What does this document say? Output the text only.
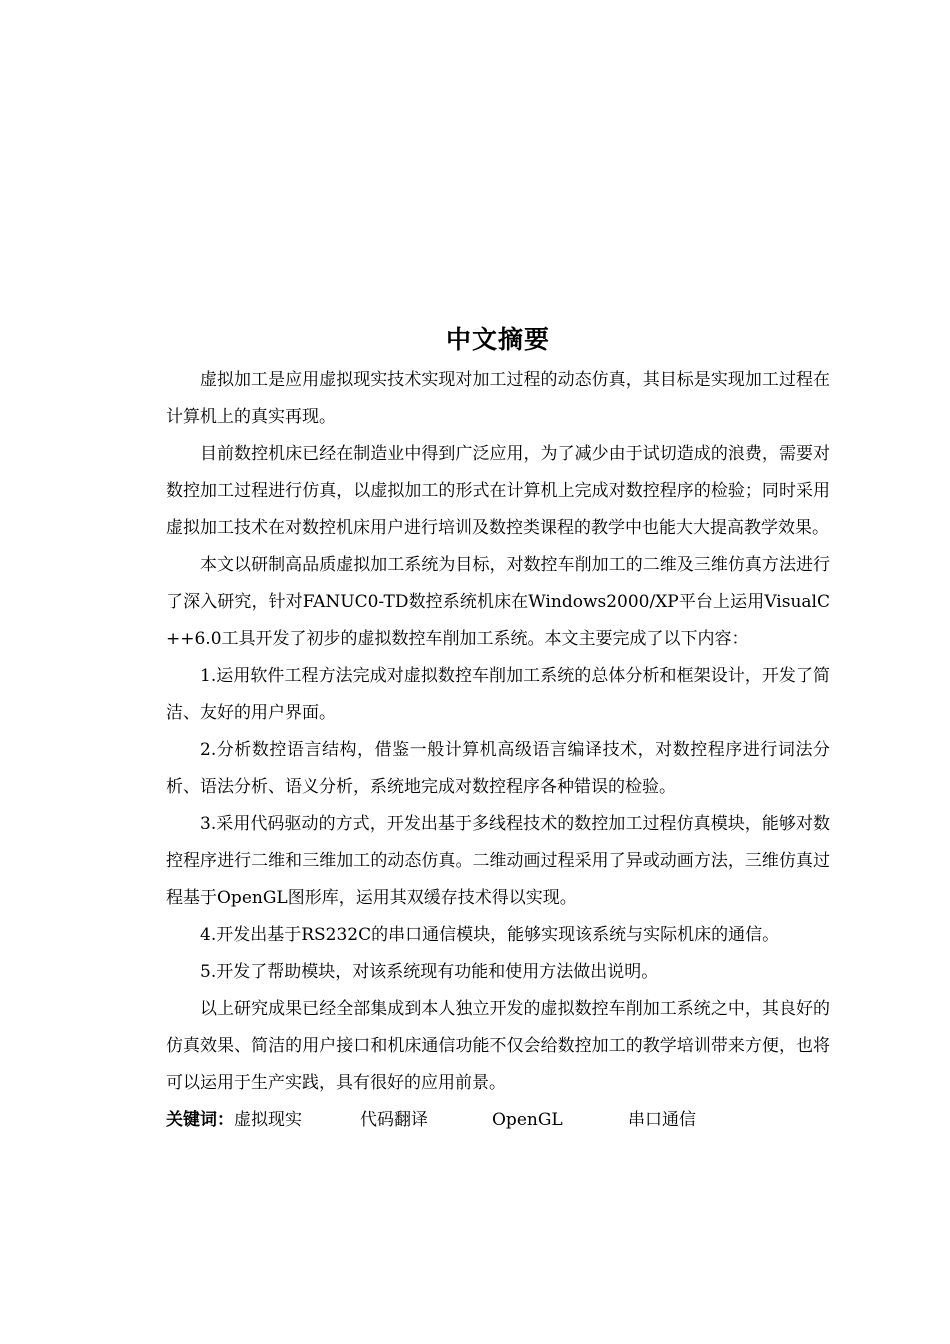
中文摘要

虚拟加工是应用虚拟现实技术实现对加工过程的动态仿真，其目标是实现加工过程在计算机上的真实再现。

目前数控机床已经在制造业中得到广泛应用，为了减少由于试切造成的浪费，需要对数控加工过程进行仿真，以虚拟加工的形式在计算机上完成对数控程序的检验；同时采用虚拟加工技术在对数控机床用户进行培训及数控类课程的教学中也能大大提高教学效果。

本文以研制高品质虚拟加工系统为目标，对数控车削加工的二维及三维仿真方法进行了深入研究，针对FANUC0-TD数控系统机床在Windows2000/XP平台上运用VisualC++6.0工具开发了初步的虚拟数控车削加工系统。本文主要完成了以下内容：

1.运用软件工程方法完成对虚拟数控车削加工系统的总体分析和框架设计，开发了简洁、友好的用户界面。

2.分析数控语言结构，借鉴一般计算机高级语言编译技术，对数控程序进行词法分析、语法分析、语义分析，系统地完成对数控程序各种错误的检验。

3.采用代码驱动的方式，开发出基于多线程技术的数控加工过程仿真模块，能够对数控程序进行二维和三维加工的动态仿真。二维动画过程采用了异或动画方法，三维仿真过程基于OpenGL图形库，运用其双缓存技术得以实现。

4.开发出基于RS232C的串口通信模块，能够实现该系统与实际机床的通信。

5.开发了帮助模块，对该系统现有功能和使用方法做出说明。

以上研究成果已经全部集成到本人独立开发的虚拟数控车削加工系统之中，其良好的仿真效果、简洁的用户接口和机床通信功能不仅会给数控加工的教学培训带来方便，也将可以运用于生产实践，具有很好的应用前景。

关键词：虚拟现实	代码翻译	OpenGL	串口通信
